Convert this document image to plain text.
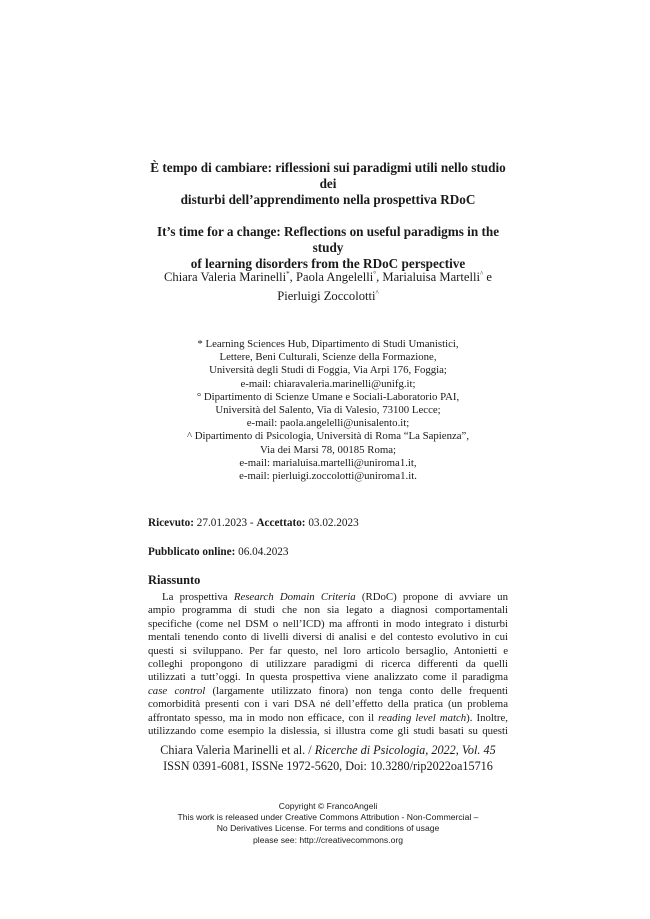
È tempo di cambiare: riflessioni sui paradigmi utili nello studio dei
disturbi dell’apprendimento nella prospettiva RDoC
It’s time for a change: Reflections on useful paradigms in the study
of learning disorders from the RDoC perspective
Chiara Valeria Marinelli*, Paola Angelelli°, Marialuisa Martelli^ e
Pierluigi Zoccolotti^
* Learning Sciences Hub, Dipartimento di Studi Umanistici,
Lettere, Beni Culturali, Scienze della Formazione,
Università degli Studi di Foggia, Via Arpi 176, Foggia;
e-mail: chiaravaleria.marinelli@unifg.it;
° Dipartimento di Scienze Umane e Sociali-Laboratorio PAI,
Università del Salento, Via di Valesio, 73100 Lecce;
e-mail: paola.angelelli@unisalento.it;
^ Dipartimento di Psicologia, Università di Roma “La Sapienza”,
Via dei Marsi 78, 00185 Roma;
e-mail: marialuisa.martelli@uniroma1.it,
e-mail: pierluigi.zoccolotti@uniroma1.it.
Ricevuto: 27.01.2023 - Accettato: 03.02.2023
Pubblicato online: 06.04.2023
Riassunto
La prospettiva Research Domain Criteria (RDoC) propone di avviare un
ampio programma di studi che non sia legato a diagnosi comportamentali
specifiche (come nel DSM o nell’ICD) ma affronti in modo integrato i disturbi
mentali tenendo conto di livelli diversi di analisi e del contesto evolutivo in cui
questi si sviluppano. Per far questo, nel loro articolo bersaglio, Antonietti e
colleghi propongono di utilizzare paradigmi di ricerca differenti da quelli
utilizzati a tutt’oggi. In questa prospettiva viene analizzato come il paradigma
case control (largamente utilizzato finora) non tenga conto delle frequenti
comorbidità presenti con i vari DSA né dell’effetto della pratica (un problema
affrontato spesso, ma in modo non efficace, con il reading level match). Inoltre,
utilizzando come esempio la dislessia, si illustra come gli studi basati su questi
Chiara Valeria Marinelli et al. / Ricerche di Psicologia, 2022, Vol. 45
ISSN 0391-6081, ISSNe 1972-5620, Doi: 10.3280/rip2022oa15716
Copyright © FrancoAngeli
This work is released under Creative Commons Attribution - Non-Commercial –
No Derivatives License. For terms and conditions of usage
please see: http://creativecommons.org
